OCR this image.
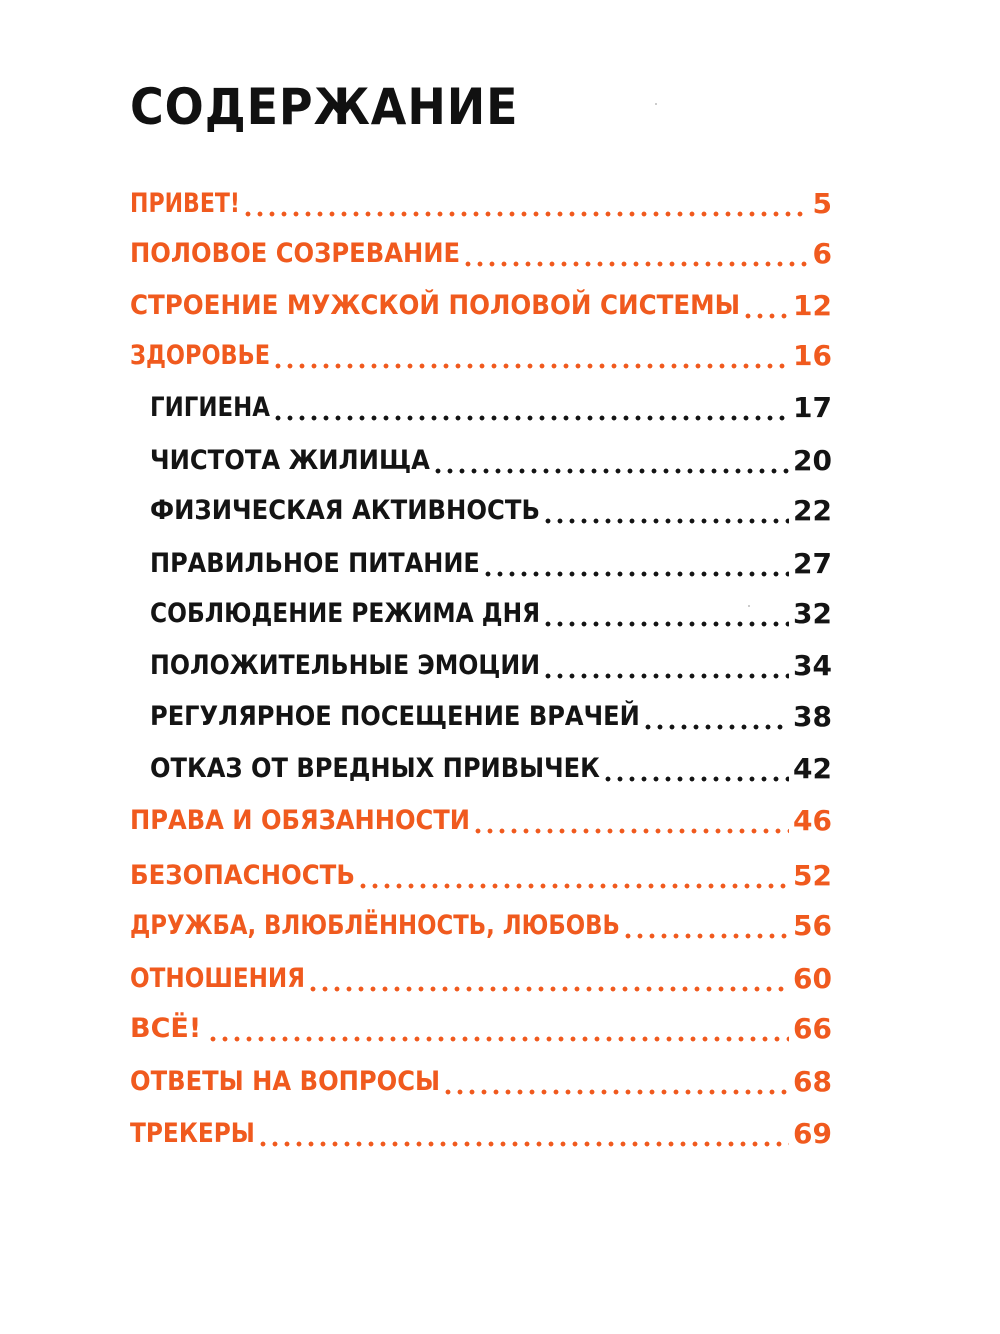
СОДЕРЖАНИЕ
ПРИВЕТ!	5
ПОЛОВОЕ СОЗРЕВАНИЕ	6
СТРОЕНИЕ МУЖСКОЙ ПОЛОВОЙ СИСТЕМЫ 12
ЗДОРОВЬЕ	16
ГИГИЕНА	17
ЧИСТОТА ЖИЛИЩА	20
ФИЗИЧЕСКАЯ АКТИВНОСТЬ	22
ПРАВИЛЬНОЕ ПИТАНИЕ	27
СОБЛЮДЕНИЕ РЕЖИМА ДНЯ	32
ПОЛОЖИТЕЛЬНЫЕ ЭМОЦИИ	34
РЕГУЛЯРНОЕ ПОСЕЩЕНИЕ ВРАЧЕЙ	38
ОТКАЗ ОТ ВРЕДНЫХ ПРИВЫЧЕК	42
ПРАВА И ОБЯЗАННОСТИ	46
БЕЗОПАСНОСТЬ	52
ДРУЖБА, ВЛЮБЛЁННОСТЬ, ЛЮБОВЬ	56
ОТНОШЕНИЯ	60
ВСЁ!	66
ОТВЕТЫ НА ВОПРОСЫ	68
ТРЕКЕРЫ	69
